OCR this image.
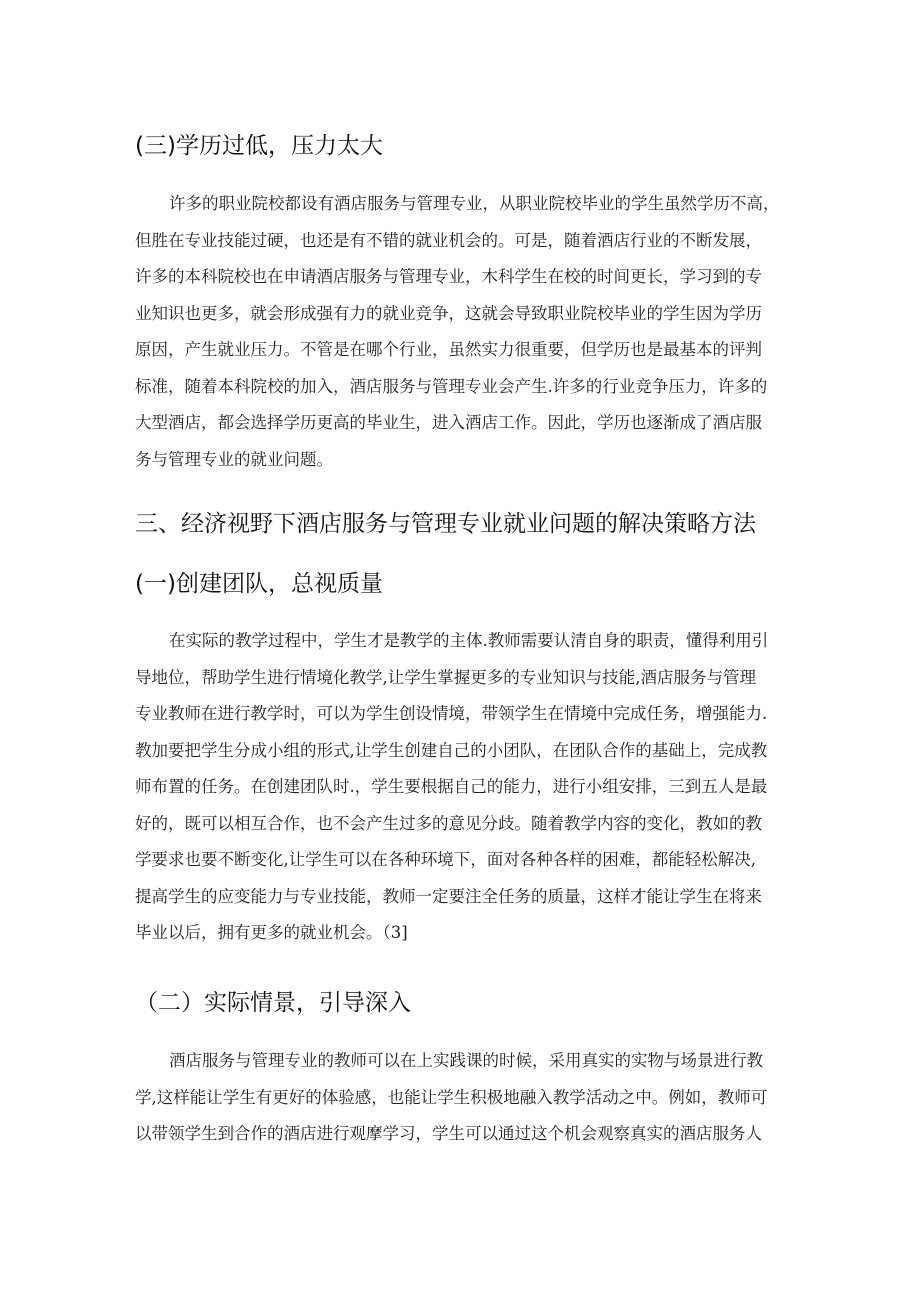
(三)学历过低，压力太大
许多的职业院校都设有酒店服务与管理专业，从职业院校毕业的学生虽然学历不高，
但胜在专业技能过硬，也还是有不错的就业机会的。可是，随着酒店行业的不断发展，
许多的本科院校也在申请酒店服务与管理专业，木科学生在校的时间更长，学习到的专
业知识也更多，就会形成强有力的就业竞争，这就会导致职业院校毕业的学生因为学历
原因，产生就业压力。不管是在哪个行业，虽然实力很重要，但学历也是最基本的评判
标准，随着本科院校的加入，酒店服务与管理专业会产生.许多的行业竞争压力，许多的
大型酒店，都会选择学历更高的毕业生，进入酒店工作。因此，学历也逐渐成了酒店服
务与管理专业的就业问题。
三、经济视野下酒店服务与管理专业就业问题的解决策略方法
(一)创建团队，总视质量
在实际的教学过程中，学生才是教学的主体.教师需要认清自身的职责，懂得利用引
导地位，帮助学生进行情境化教学,让学生掌握更多的专业知识与技能,酒店服务与管理
专业教师在进行教学时，可以为学生创设情境，带领学生在情境中完成任务，增强能力.
教加要把学生分成小组的形式,让学生创建自己的小团队，在团队合作的基础上，完成教
师布置的任务。在创建团队时.，学生要根据自己的能力，进行小组安排，三到五人是最
好的，既可以相互合作，也不会产生过多的意见分歧。随着教学内容的变化，教如的教
学要求也要不断变化,让学生可以在各种环境下，面对各种各样的困难，都能轻松解决,
提高学生的应变能力与专业技能，教师一定要注全任务的质量，这样才能让学生在将来
毕业以后，拥有更多的就业机会。（3]
（二）实际情景，引导深入
酒店服务与管理专业的教师可以在上实践课的时候，采用真实的实物与场景进行教
学,这样能让学生有更好的体验感，也能让学生积极地融入教学活动之中。例如，教师可
以带领学生到合作的酒店进行观摩学习，学生可以通过这个机会观察真实的酒店服务人
